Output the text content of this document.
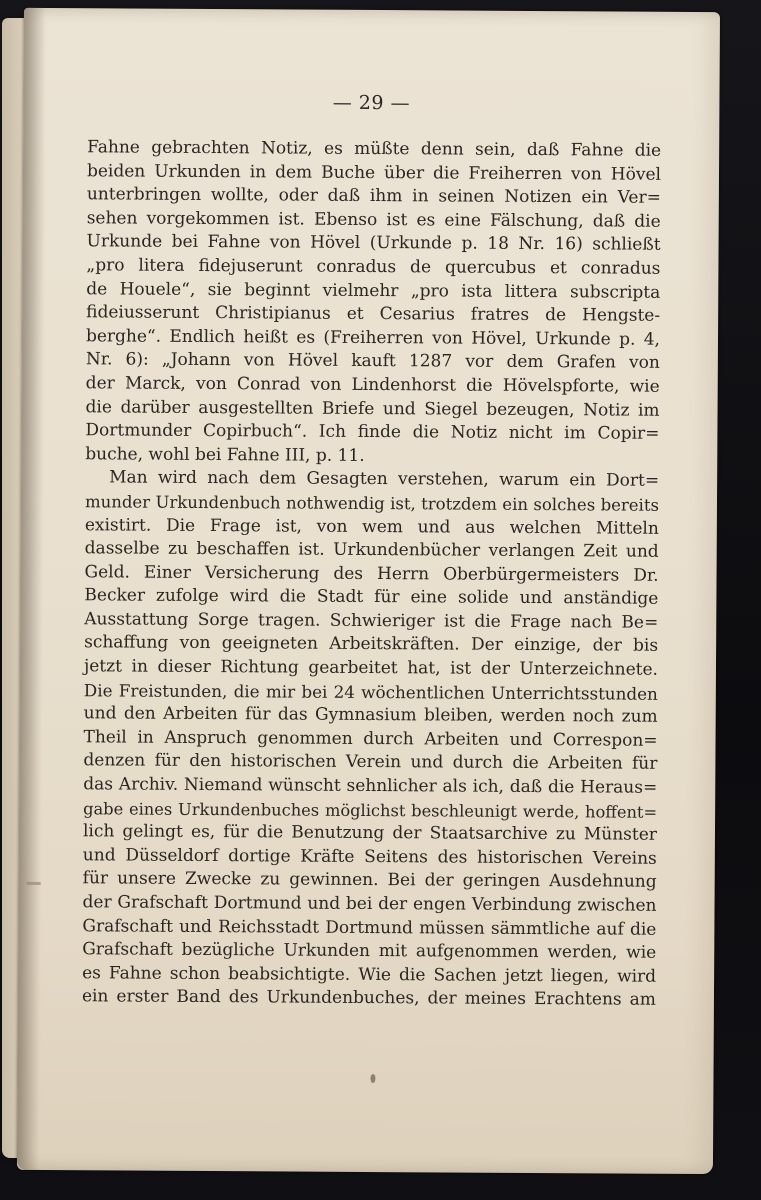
— 29 —
Fahne gebrachten Notiz, es müßte denn sein, daß Fahne die
beiden Urkunden in dem Buche über die Freiherren von Hövel
unterbringen wollte, oder daß ihm in seinen Notizen ein Ver=
sehen vorgekommen ist. Ebenso ist es eine Fälschung, daß die
Urkunde bei Fahne von Hövel (Urkunde p. 18 Nr. 16) schließt
„pro litera fidejuserunt conradus de quercubus et conradus
de Houele“, sie beginnt vielmehr „pro ista littera subscripta
fideiusserunt Christipianus et Cesarius fratres de Hengste-
berghe“. Endlich heißt es (Freiherren von Hövel, Urkunde p. 4,
Nr. 6): „Johann von Hövel kauft 1287 vor dem Grafen von
der Marck, von Conrad von Lindenhorst die Hövelspforte, wie
die darüber ausgestellten Briefe und Siegel bezeugen, Notiz im
Dortmunder Copirbuch“. Ich finde die Notiz nicht im Copir=
buche, wohl bei Fahne III, p. 11.
Man wird nach dem Gesagten verstehen, warum ein Dort=
munder Urkundenbuch nothwendig ist, trotzdem ein solches bereits
existirt. Die Frage ist, von wem und aus welchen Mitteln
dasselbe zu beschaffen ist. Urkundenbücher verlangen Zeit und
Geld. Einer Versicherung des Herrn Oberbürgermeisters Dr.
Becker zufolge wird die Stadt für eine solide und anständige
Ausstattung Sorge tragen. Schwieriger ist die Frage nach Be=
schaffung von geeigneten Arbeitskräften. Der einzige, der bis
jetzt in dieser Richtung gearbeitet hat, ist der Unterzeichnete.
Die Freistunden, die mir bei 24 wöchentlichen Unterrichtsstunden
und den Arbeiten für das Gymnasium bleiben, werden noch zum
Theil in Anspruch genommen durch Arbeiten und Correspon=
denzen für den historischen Verein und durch die Arbeiten für
das Archiv. Niemand wünscht sehnlicher als ich, daß die Heraus=
gabe eines Urkundenbuches möglichst beschleunigt werde, hoffent=
lich gelingt es, für die Benutzung der Staatsarchive zu Münster
und Düsseldorf dortige Kräfte Seitens des historischen Vereins
für unsere Zwecke zu gewinnen. Bei der geringen Ausdehnung
der Grafschaft Dortmund und bei der engen Verbindung zwischen
Grafschaft und Reichsstadt Dortmund müssen sämmtliche auf die
Grafschaft bezügliche Urkunden mit aufgenommen werden, wie
es Fahne schon beabsichtigte. Wie die Sachen jetzt liegen, wird
ein erster Band des Urkundenbuches, der meines Erachtens am
